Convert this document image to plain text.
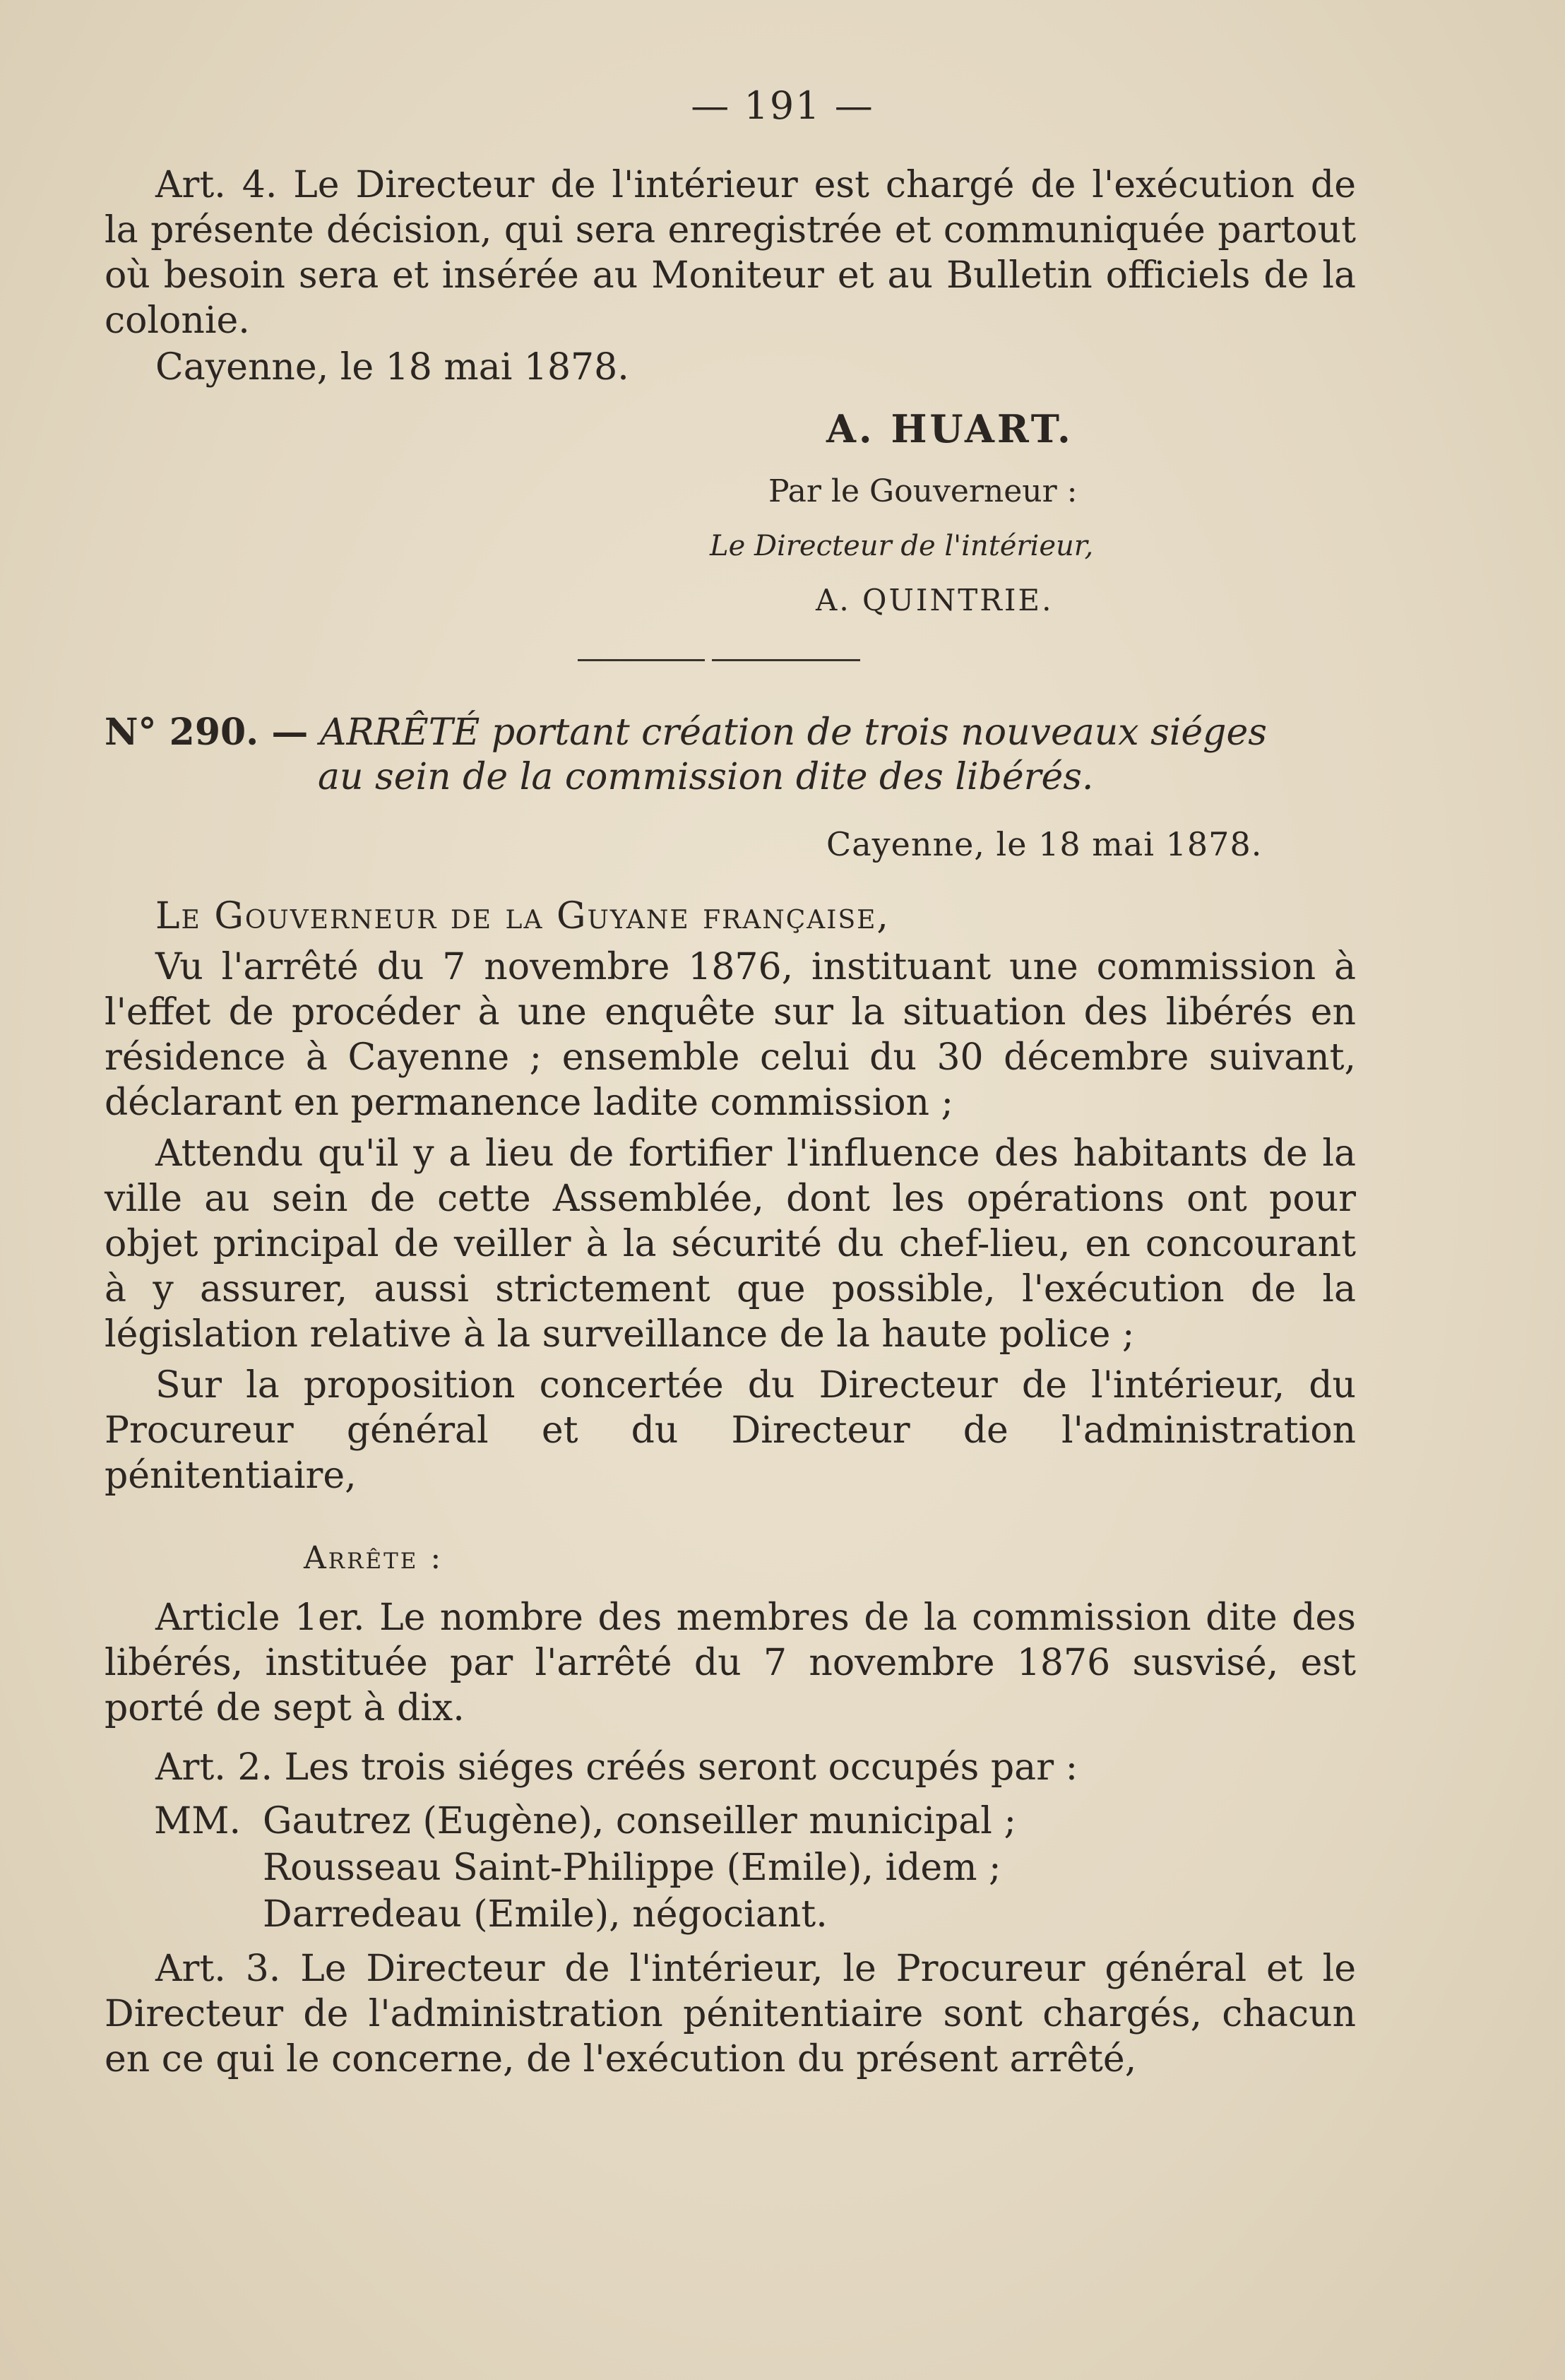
— 191 —

Art. 4. Le Directeur de l'intérieur est chargé de l'exécution de la présente décision, qui sera enregistrée et communiquée partout où besoin sera et insérée au Moniteur et au Bulletin officiels de la colonie.

Cayenne, le 18 mai 1878.

A. HUART.
Par le Gouverneur :
Le Directeur de l'intérieur,
A. QUINTRIE.
N° 290. — ARRÊTÉ portant création de trois nouveaux siéges
au sein de la commission dite des libérés.
Cayenne, le 18 mai 1878.

Le Gouverneur de la Guyane française,

Vu l'arrêté du 7 novembre 1876, instituant une commission à l'effet de procéder à une enquête sur la situation des libérés en résidence à Cayenne ; ensemble celui du 30 décembre suivant, déclarant en permanence ladite commission ;

Attendu qu'il y a lieu de fortifier l'influence des habitants de la ville au sein de cette Assemblée, dont les opérations ont pour objet principal de veiller à la sécurité du chef-lieu, en concourant à y assurer, aussi strictement que possible, l'exécution de la législation relative à la surveillance de la haute police ;

Sur la proposition concertée du Directeur de l'intérieur, du Procureur général et du Directeur de l'administration pénitentiaire,

Arrête :

Article 1er. Le nombre des membres de la commission dite des libérés, instituée par l'arrêté du 7 novembre 1876 susvisé, est porté de sept à dix.

Art. 2. Les trois siéges créés seront occupés par :

MM. Gautrez (Eugène), conseiller municipal ;
Rousseau Saint-Philippe (Emile), idem ;
Darredeau (Emile), négociant.

Art. 3. Le Directeur de l'intérieur, le Procureur général et le Directeur de l'administration pénitentiaire sont chargés, chacun en ce qui le concerne, de l'exécution du présent arrêté,
